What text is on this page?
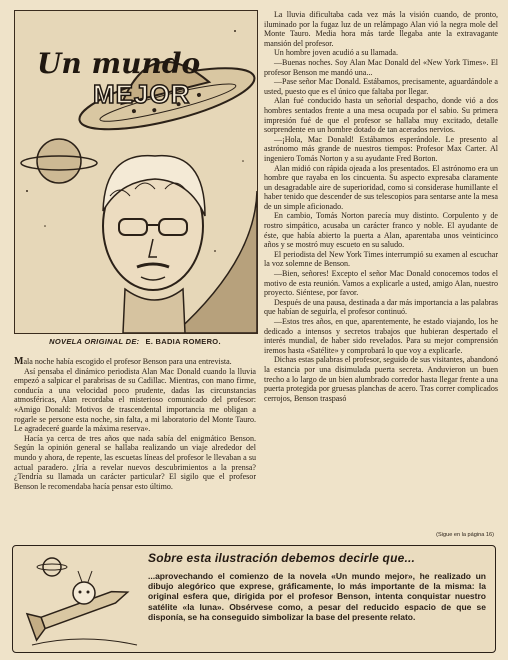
Un mundo
MEJOR
NOVELA ORIGINAL DE: E. BADIA ROMERO.

Mala noche había escogido el profesor Benson para una entrevista.

Así pensaba el dinámico periodista Alan Mac Donald cuando la lluvia empezó a salpicar el parabrisas de su Cadillac. Mientras, con mano firme, conducía a una velocidad poco prudente, dadas las circunstancias atmosféricas, Alan recordaba el misterioso comunicado del profesor: «Amigo Donald: Motivos de trascendental importancia me obligan a rogarle se persone esta noche, sin falta, a mi laboratorio del Monte Tauro. Le agradeceré guarde la máxima reserva».

Hacía ya cerca de tres años que nada sabía del enigmático Benson. Según la opinión general se hallaba realizando un viaje alrededor del mundo y ahora, de repente, las escuetas líneas del profesor le llevaban a su actual paradero. ¿Iría a revelar nuevos descubrimientos a la prensa? ¿Tendría su llamada un carácter particular? El sigilo que el profesor Benson le recomendaba hacía pensar esto último.

La lluvia dificultaba cada vez más la visión cuando, de pronto, iluminado por la fugaz luz de un relámpago Alan vió la negra mole del Monte Tauro. Media hora más tarde llegaba ante la extravagante mansión del profesor.

Un hombre joven acudió a su llamada.

—Buenas noches. Soy Alan Mac Donald del «New York Times». El profesor Benson me mandó una...

—Pase señor Mac Donald. Estábamos, precisamente, aguardándole a usted, puesto que es el único que faltaba por llegar.

Alan fué conducido hasta un señorial despacho, donde vió a dos hombres sentados frente a una mesa ocupada por el sabio. Su primera impresión fué de que el profesor se hallaba muy excitado, detalle sorprendente en un hombre dotado de tan acerados nervios.

—¡Hola, Mac Donald! Estábamos esperándole. Le presento al astrónomo más grande de nuestros tiempos: Profesor Max Carter. Al ingeniero Tomás Norton y a su ayudante Fred Borton.

Alan midió con rápida ojeada a los presentados. El astrónomo era un hombre que rayaba en los cincuenta. Su aspecto expresaba claramente un desagradable aire de superioridad, como si considerase humillante el haber tenido que descender de sus telescopios para sentarse ante la mesa de un simple aficionado.

En cambio, Tomás Norton parecía muy distinto. Corpulento y de rostro simpático, acusaba un carácter franco y noble. El ayudante de éste, que había abierto la puerta a Alan, aparentaba unos veinticinco años y se mostró muy escueto en su saludo.

El periodista del New York Times interrumpió su examen al escuchar la voz solemne de Benson.

—Bien, señores! Excepto el señor Mac Donald conocemos todos el motivo de esta reunión. Vamos a explicarle a usted, amigo Alan, nuestro proyecto. Siéntese, por favor.

Después de una pausa, destinada a dar más importancia a las palabras que habían de seguirla, el profesor continuó.

—Estos tres años, en que, aparentemente, he estado viajando, los he dedicado a intensos y secretos trabajos que hubieran despertado el interés mundial, de haber sido revelados. Para su mejor comprensión iremos hasta «Satélite» y comprobará lo que voy a explicarle.

Dichas estas palabras el profesor, seguido de sus visitantes, abandonó la estancia por una disimulada puerta secreta. Anduvieron un buen trecho a lo largo de un bien alumbrado corredor hasta llegar frente a una puerta protegida por gruesas planchas de acero. Tras correr complicados cerrojos, Benson traspasó

(Sigue en la página 16)
Sobre esta ilustración debemos decirle que...
...aprovechando el comienzo de la novela «Un mundo mejor», he realizado un dibujo alegórico que exprese, gráficamente, lo más importante de la misma: la original esfera que, dirigida por el profesor Benson, intenta conquistar nuestro satélite «la luna». Obsérvese como, a pesar del reducido espacio de que se disponía, se ha conseguido simbolizar la base del presente relato.
